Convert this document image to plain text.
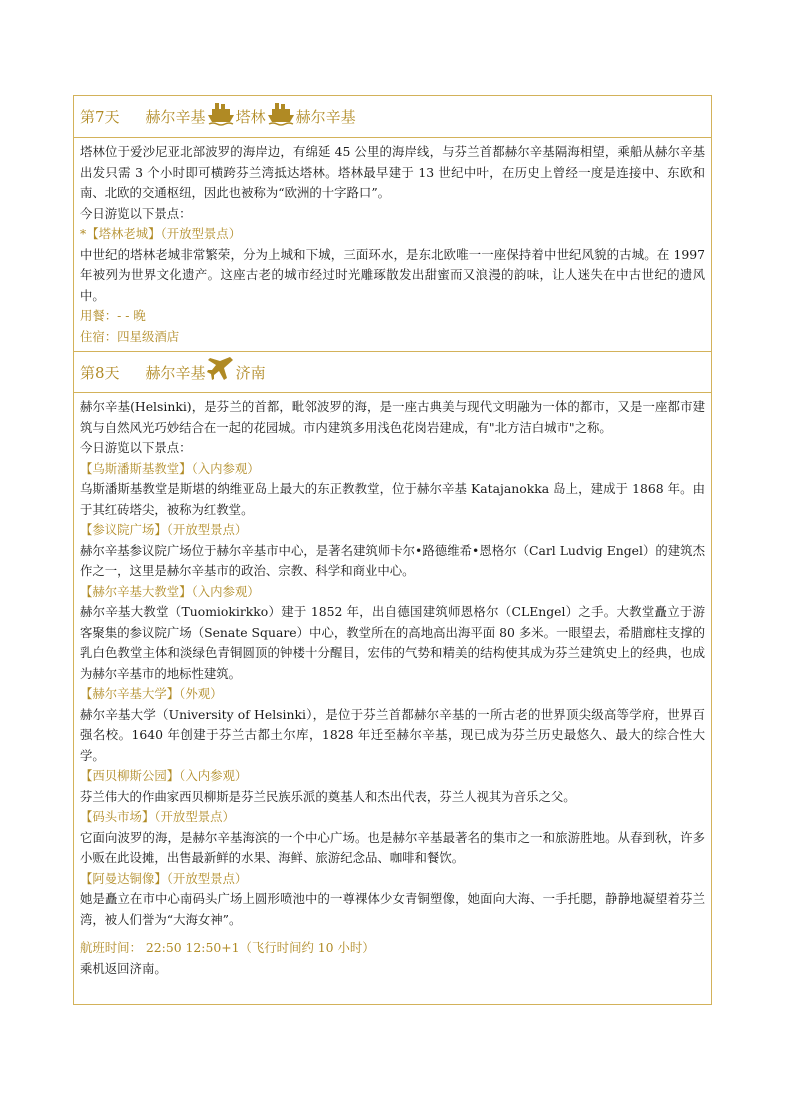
第7天 赫尔辛基 塔林 赫尔辛基

塔林位于爱沙尼亚北部波罗的海岸边，有绵延 45 公里的海岸线，与芬兰首都赫尔辛基隔海相望，乘船从赫尔辛基出发只需 3 个小时即可横跨芬兰湾抵达塔林。塔林最早建于 13 世纪中叶，在历史上曾经一度是连接中、东欧和南、北欧的交通枢纽，因此也被称为“欧洲的十字路口”。

今日游览以下景点：

*【塔林老城】（开放型景点）

中世纪的塔林老城非常繁荣，分为上城和下城，三面环水，是东北欧唯一一座保持着中世纪风貌的古城。在 1997 年被列为世界文化遗产。这座古老的城市经过时光雕琢散发出甜蜜而又浪漫的韵味，让人迷失在中古世纪的遗风中。

用餐：- - 晚

住宿：四星级酒店

第8天 赫尔辛基 济南

赫尔辛基(Helsinki)，是芬兰的首都，毗邻波罗的海，是一座古典美与现代文明融为一体的都市，又是一座都市建筑与自然风光巧妙结合在一起的花园城。市内建筑多用浅色花岗岩建成，有"北方洁白城市"之称。

今日游览以下景点：

【乌斯潘斯基教堂】（入内参观）

乌斯潘斯基教堂是斯堪的纳维亚岛上最大的东正教教堂，位于赫尔辛基 Katajanokka 岛上，建成于 1868 年。由于其红砖塔尖，被称为红教堂。

【参议院广场】（开放型景点）

赫尔辛基参议院广场位于赫尔辛基市中心，是著名建筑师卡尔•路德维希•恩格尔（Carl Ludvig Engel）的建筑杰作之一，这里是赫尔辛基市的政治、宗教、科学和商业中心。

【赫尔辛基大教堂】（入内参观）

赫尔辛基大教堂（Tuomiokirkko）建于 1852 年，出自德国建筑师恩格尔（CLEngel）之手。大教堂矗立于游客聚集的参议院广场（Senate Square）中心，教堂所在的高地高出海平面 80 多米。一眼望去，希腊廊柱支撑的乳白色教堂主体和淡绿色青铜圆顶的钟楼十分醒目，宏伟的气势和精美的结构使其成为芬兰建筑史上的经典，也成为赫尔辛基市的地标性建筑。

【赫尔辛基大学】（外观）

赫尔辛基大学（University of Helsinki），是位于芬兰首都赫尔辛基的一所古老的世界顶尖级高等学府，世界百强名校。1640 年创建于芬兰古都土尔库，1828 年迁至赫尔辛基，现已成为芬兰历史最悠久、最大的综合性大学。

【西贝柳斯公园】（入内参观）

芬兰伟大的作曲家西贝柳斯是芬兰民族乐派的奠基人和杰出代表，芬兰人视其为音乐之父。

【码头市场】（开放型景点）

它面向波罗的海，是赫尔辛基海滨的一个中心广场。也是赫尔辛基最著名的集市之一和旅游胜地。从春到秋，许多小贩在此设摊，出售最新鲜的水果、海鲜、旅游纪念品、咖啡和餐饮。

【阿曼达铜像】（开放型景点）

她是矗立在市中心南码头广场上圆形喷池中的一尊裸体少女青铜塑像，她面向大海、一手托腮，静静地凝望着芬兰湾，被人们誉为“大海女神”。

航班时间： 22:50 12:50+1（飞行时间约 10 小时）

乘机返回济南。
